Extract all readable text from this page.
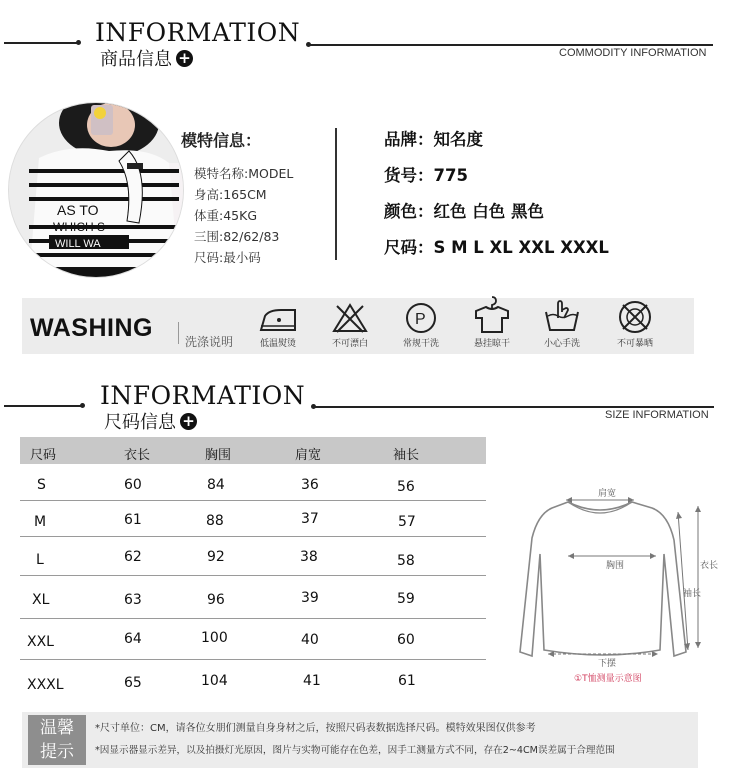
INFORMATION
商品信息 +	COMMODITY INFORMATION
AS TO
WHICH S
WILL WA
模特信息：
模特名称:MODEL
身高:165CM
体重:45KG
三围:82/62/83
尺码:最小码
品牌：知名度
货号：775
颜色：红色 白色 黑色
尺码：S M L XL XXL XXXL
WASHING	洗涤说明	低温熨烫	不可漂白
P
常规干洗	悬挂晾干	小心手洗	不可暴晒
INFORMATION
尺码信息 +	SIZE INFORMATION
尺码	衣长	胸围	肩宽	袖长
S	60	84	36	56
M	61	88	37	57
L	62	92	38	58
XL	63	96	39	59
XXL	64	100	40	60
XXXL	65	104	41	61
肩宽
胸围	衣长
袖长
下摆
①T恤测量示意图
温馨
提示
*尺寸单位：CM，请各位女朋们测量自身身材之后，按照尺码表数据选择尺码。模特效果图仅供参考
*因显示器显示差异，以及拍摄灯光原因，图片与实物可能存在色差，因手工测量方式不同，存在2~4CM误差属于合理范围
